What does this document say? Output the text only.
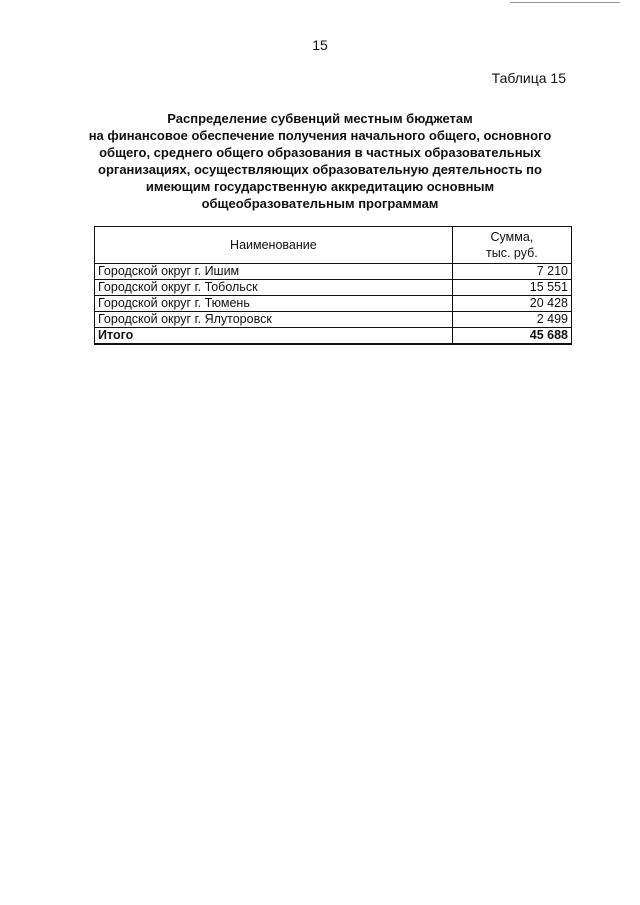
15
Таблица 15
Распределение субвенций местным бюджетам
на финансовое обеспечение получения начального общего, основного
общего, среднего общего образования в частных образовательных
организациях, осуществляющих образовательную деятельность по
имеющим государственную аккредитацию основным
общеобразовательным программам
Наименование	Сумма,
тыс. руб.
Городской округ г. Ишим	7 210
Городской округ г. Тобольск	15 551
Городской округ г. Тюмень	20 428
Городской округ г. Ялуторовск	2 499
Итого	45 688
